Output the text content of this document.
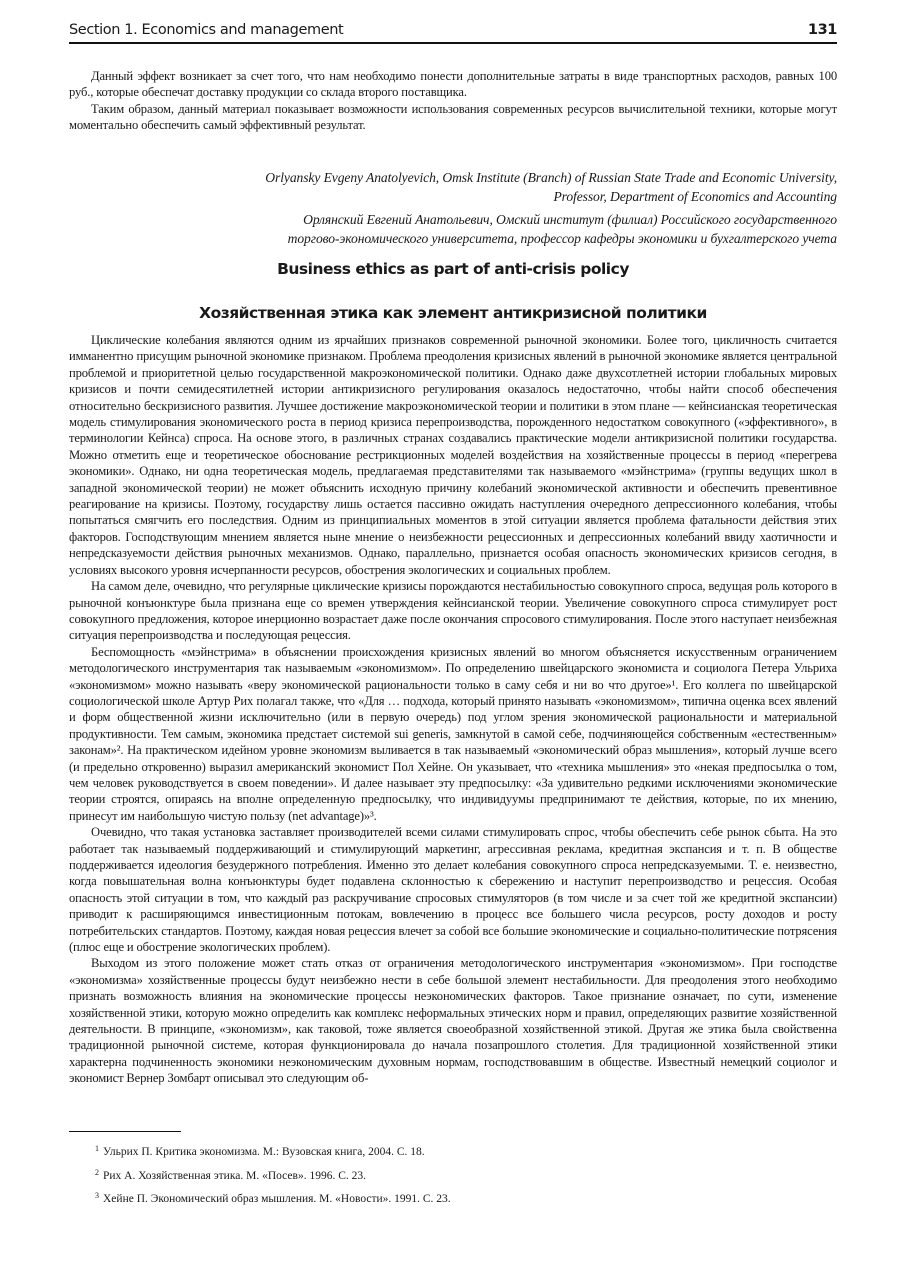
Section 1. Economics and management	131

Данный эффект возникает за счет того, что нам необходимо понести дополнительные затраты в виде транспортных расходов, равных 100 руб., которые обеспечат доставку продукции со склада второго поставщика.

Таким образом, данный материал показывает возможности использования современных ресурсов вычислительной техники, которые могут моментально обеспечить самый эффективный результат.

Orlyansky Evgeny Anatolyevich, Omsk Institute (Branch) of Russian State Trade and Economic University,
Professor, Department of Economics and Accounting

Орлянский Евгений Анатольевич, Омский институт (филиал) Российского государственного
торгово-экономического университета, профессор кафедры экономики и бухгалтерского учета

Business ethics as part of anti-crisis policy
Хозяйственная этика как элемент антикризисной политики

Циклические колебания являются одним из ярчайших признаков современной рыночной экономики. Более того, цикличность считается имманентно присущим рыночной экономике признаком. Проблема преодоления кризисных явлений в рыночной экономике является центральной проблемой и приоритетной целью государственной макроэкономической политики. Однако даже двухсотлетней истории глобальных мировых кризисов и почти семидесятилетней истории антикризисного регулирования оказалось недостаточно, чтобы найти способ обеспечения относительно бескризисного развития. Лучшее достижение макроэкономической теории и политики в этом плане — кейнсианская теоретическая модель стимулирования экономического роста в период кризиса перепроизводства, порожденного недостатком совокупного («эффективного», в терминологии Кейнса) спроса. На основе этого, в различных странах создавались практические модели антикризисной политики государства. Можно отметить еще и теоретическое обоснование рестрикционных моделей воздействия на хозяйственные процессы в период «перегрева экономики». Однако, ни одна теоретическая модель, предлагаемая представителями так называемого «мэйнстрима» (группы ведущих школ в западной экономической теории) не может объяснить исходную причину колебаний экономической активности и обеспечить превентивное реагирование на кризисы. Поэтому, государству лишь остается пассивно ожидать наступления очередного депрессионного колебания, чтобы попытаться смягчить его последствия. Одним из принципиальных моментов в этой ситуации является проблема фатальности действия этих факторов. Господствующим мнением является ныне мнение о неизбежности рецессионных и депрессионных колебаний ввиду хаотичности и непредсказуемости действия рыночных механизмов. Однако, параллельно, признается особая опасность экономических кризисов сегодня, в условиях высокого уровня исчерпанности ресурсов, обострения экологических и социальных проблем.

На самом деле, очевидно, что регулярные циклические кризисы порождаются нестабильностью совокупного спроса, ведущая роль которого в рыночной конъюнктуре была признана еще со времен утверждения кейнсианской теории. Увеличение совокупного спроса стимулирует рост совокупного предложения, которое инерционно возрастает даже после окончания спросового стимулирования. После этого наступает неизбежная ситуация перепроизводства и последующая рецессия.

Беспомощность «мэйнстрима» в объяснении происхождения кризисных явлений во многом объясняется искусственным ограничением методологического инструментария так называемым «экономизмом». По определению швейцарского экономиста и социолога Петера Ульриха «экономизмом» можно называть «веру экономической рациональности только в саму себя и ни во что другое»¹. Его коллега по швейцарской социологической школе Артур Рих полагал также, что «Для … подхода, который принято называть «экономизмом», типична оценка всех явлений и форм общественной жизни исключительно (или в первую очередь) под углом зрения экономической рациональности и материальной продуктивности. Тем самым, экономика предстает системой sui generis, замкнутой в самой себе, подчиняющейся собственным «естественным» законам»². На практическом идейном уровне экономизм выливается в так называемый «экономический образ мышления», который лучше всего (и предельно откровенно) выразил американский экономист Пол Хейне. Он указывает, что «техника мышления» это «некая предпосылка о том, чем человек руководствуется в своем поведении». И далее называет эту предпосылку: «За удивительно редкими исключениями экономические теории строятся, опираясь на вполне определенную предпосылку, что индивидуумы предпринимают те действия, которые, по их мнению, принесут им наибольшую чистую пользу (net advantage)»³.

Очевидно, что такая установка заставляет производителей всеми силами стимулировать спрос, чтобы обеспечить себе рынок сбыта. На это работает так называемый поддерживающий и стимулирующий маркетинг, агрессивная реклама, кредитная экспансия и т. п. В обществе поддерживается идеология безудержного потребления. Именно это делает колебания совокупного спроса непредсказуемыми. Т. е. неизвестно, когда повышательная волна конъюнктуры будет подавлена склонностью к сбережению и наступит перепроизводство и рецессия. Особая опасность этой ситуации в том, что каждый раз раскручивание спросовых стимуляторов (в том числе и за счет той же кредитной экспансии) приводит к расширяющимся инвестиционным потокам, вовлечению в процесс все большего числа ресурсов, росту доходов и росту потребительских стандартов. Поэтому, каждая новая рецессия влечет за собой все большие экономические и социально-политические потрясения (плюс еще и обострение экологических проблем).

Выходом из этого положение может стать отказ от ограничения методологического инструментария «экономизмом». При господстве «экономизма» хозяйственные процессы будут неизбежно нести в себе большой элемент нестабильности. Для преодоления этого необходимо признать возможность влияния на экономические процессы неэкономических факторов. Такое признание означает, по сути, изменение хозяйственной этики, которую можно определить как комплекс неформальных этических норм и правил, определяющих развитие хозяйственной деятельности. В принципе, «экономизм», как таковой, тоже является своеобразной хозяйственной этикой. Другая же этика была свойственна традиционной рыночной системе, которая функционировала до начала позапрошлого столетия. Для традиционной хозяйственной этики характерна подчиненность экономики неэкономическим духовным нормам, господствовавшим в обществе. Известный немецкий социолог и экономист Вернер Зомбарт описывал это следующим об-

$^1$ Ульрих П. Критика экономизма. М.: Вузовская книга, 2004. С. 18.

$^2$ Рих А. Хозяйственная этика. М. «Посев». 1996. С. 23.

$^3$ Хейне П. Экономический образ мышления. М. «Новости». 1991. С. 23.
